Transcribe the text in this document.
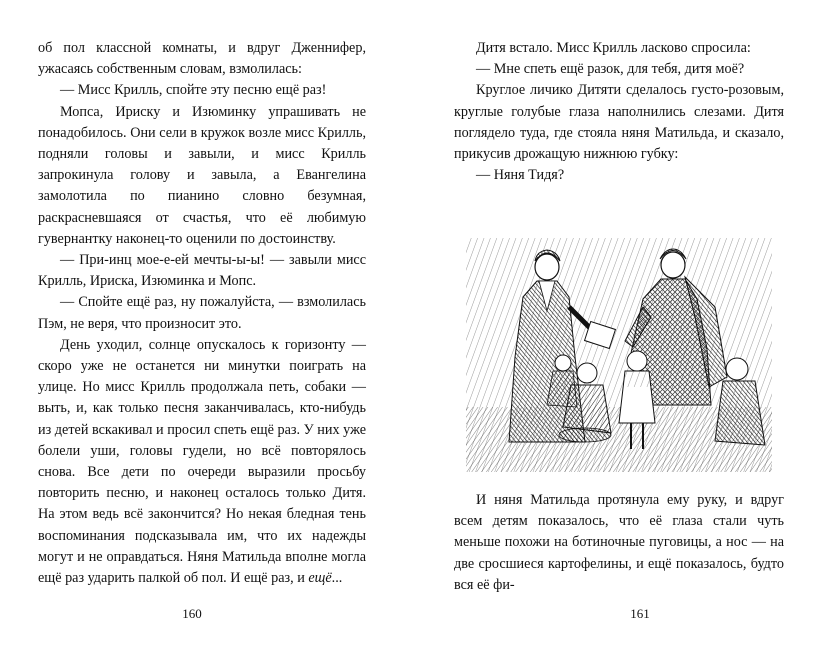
об пол классной комнаты, и вдруг Дженнифер, ужасаясь собственным словам, взмолилась:

— Мисс Крилль, спойте эту песню ещё раз!

Мопса, Ириску и Изюминку упрашивать не понадобилось. Они сели в кружок возле мисс Крилль, подняли головы и завыли, и мисс Крилль запрокинула голову и завыла, а Евангелина замолотила по пианино словно безумная, раскрасневшаяся от счастья, что её любимую гувернантку наконец-то оценили по достоинству.

— При-инц мое-е-ей мечты-ы-ы! — завыли мисс Крилль, Ириска, Изюминка и Мопс.

— Спойте ещё раз, ну пожалуйста, — взмолилась Пэм, не веря, что произносит это.

День уходил, солнце опускалось к горизонту — скоро уже не останется ни минутки поиграть на улице. Но мисс Крилль продолжала петь, собаки — выть, и, как только песня заканчивалась, кто-нибудь из детей вскакивал и просил спеть ещё раз. У них уже болели уши, головы гудели, но всё повторялось снова. Все дети по очереди выразили просьбу повторить песню, и наконец осталось только Дитя. На этом ведь всё закончится? Но некая бледная тень воспоминания подсказывала им, что их надежды могут и не оправдаться. Няня Матильда вполне могла ещё раз ударить палкой об пол. И ещё раз, и ещё...

160

Дитя встало. Мисс Крилль ласково спросила:

— Мне спеть ещё разок, для тебя, дитя моё?

Круглое личико Дитяти сделалось густо-розовым, круглые голубые глаза наполнились слезами. Дитя поглядело туда, где стояла няня Матильда, и сказало, прикусив дрожащую нижнюю губку:

— Няня Тидя?

И няня Матильда протянула ему руку, и вдруг всем детям показалось, что её глаза стали чуть меньше похожи на ботиночные пуговицы, а нос — на две сросшиеся картофелины, и ещё показалось, будто вся её фи-

161
